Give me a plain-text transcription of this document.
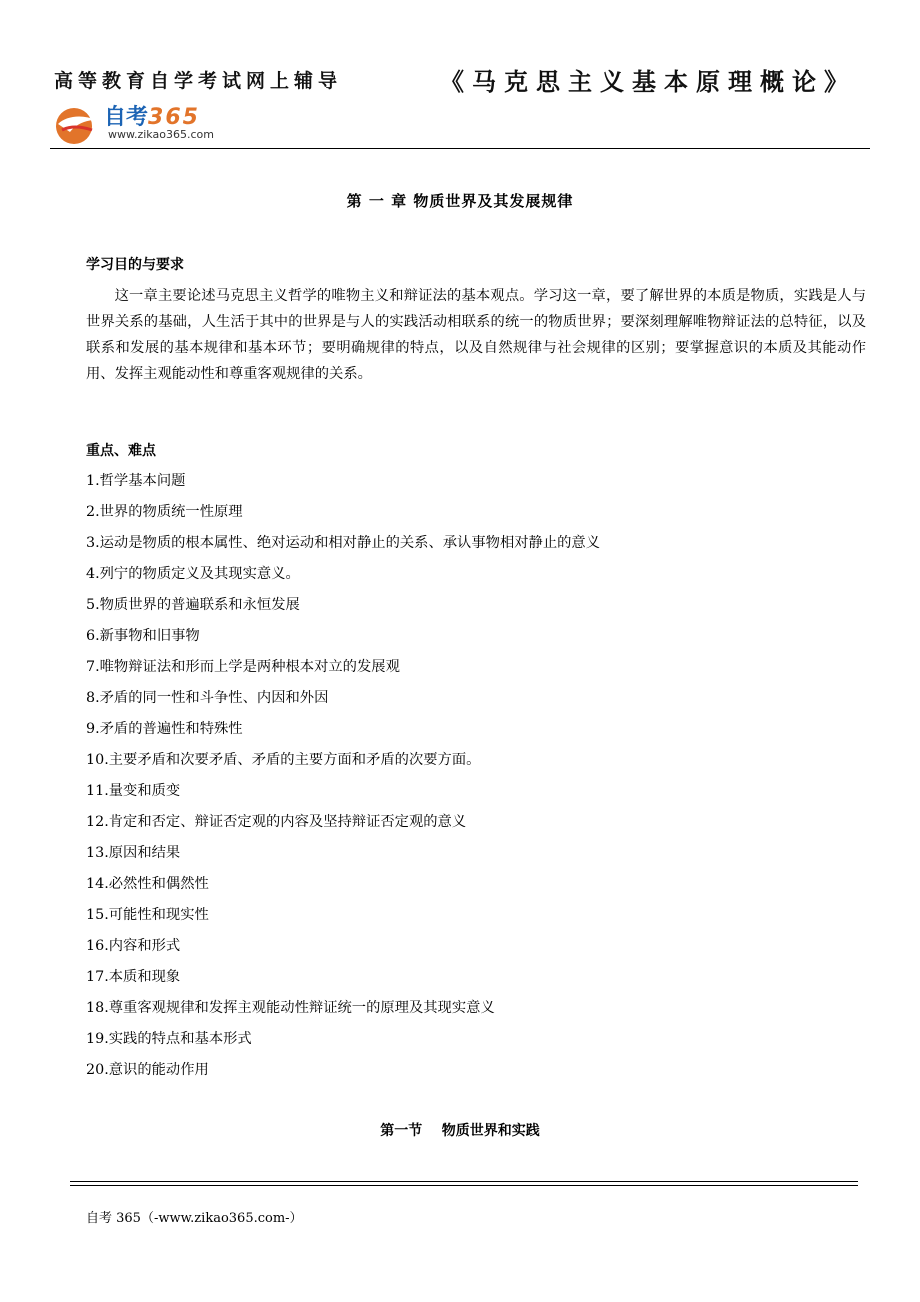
高等教育自学考试网上辅导	《马克思主义基本原理概论》
自考365
www.zikao365.com
第 一 章 物质世界及其发展规律
学习目的与要求

这一章主要论述马克思主义哲学的唯物主义和辩证法的基本观点。学习这一章，要了解世界的本质是物质，实践是人与世界关系的基础，人生活于其中的世界是与人的实践活动相联系的统一的物质世界；要深刻理解唯物辩证法的总特征，以及联系和发展的基本规律和基本环节；要明确规律的特点，以及自然规律与社会规律的区别；要掌握意识的本质及其能动作用、发挥主观能动性和尊重客观规律的关系。

重点、难点
1.哲学基本问题
2.世界的物质统一性原理
3.运动是物质的根本属性、绝对运动和相对静止的关系、承认事物相对静止的意义
4.列宁的物质定义及其现实意义。
5.物质世界的普遍联系和永恒发展
6.新事物和旧事物
7.唯物辩证法和形而上学是两种根本对立的发展观
8.矛盾的同一性和斗争性、内因和外因
9.矛盾的普遍性和特殊性
10.主要矛盾和次要矛盾、矛盾的主要方面和矛盾的次要方面。
11.量变和质变
12.肯定和否定、辩证否定观的内容及坚持辩证否定观的意义
13.原因和结果
14.必然性和偶然性
15.可能性和现实性
16.内容和形式
17.本质和现象
18.尊重客观规律和发挥主观能动性辩证统一的原理及其现实意义
19.实践的特点和基本形式
20.意识的能动作用
第一节    物质世界和实践
自考 365（-www.zikao365.com-）
